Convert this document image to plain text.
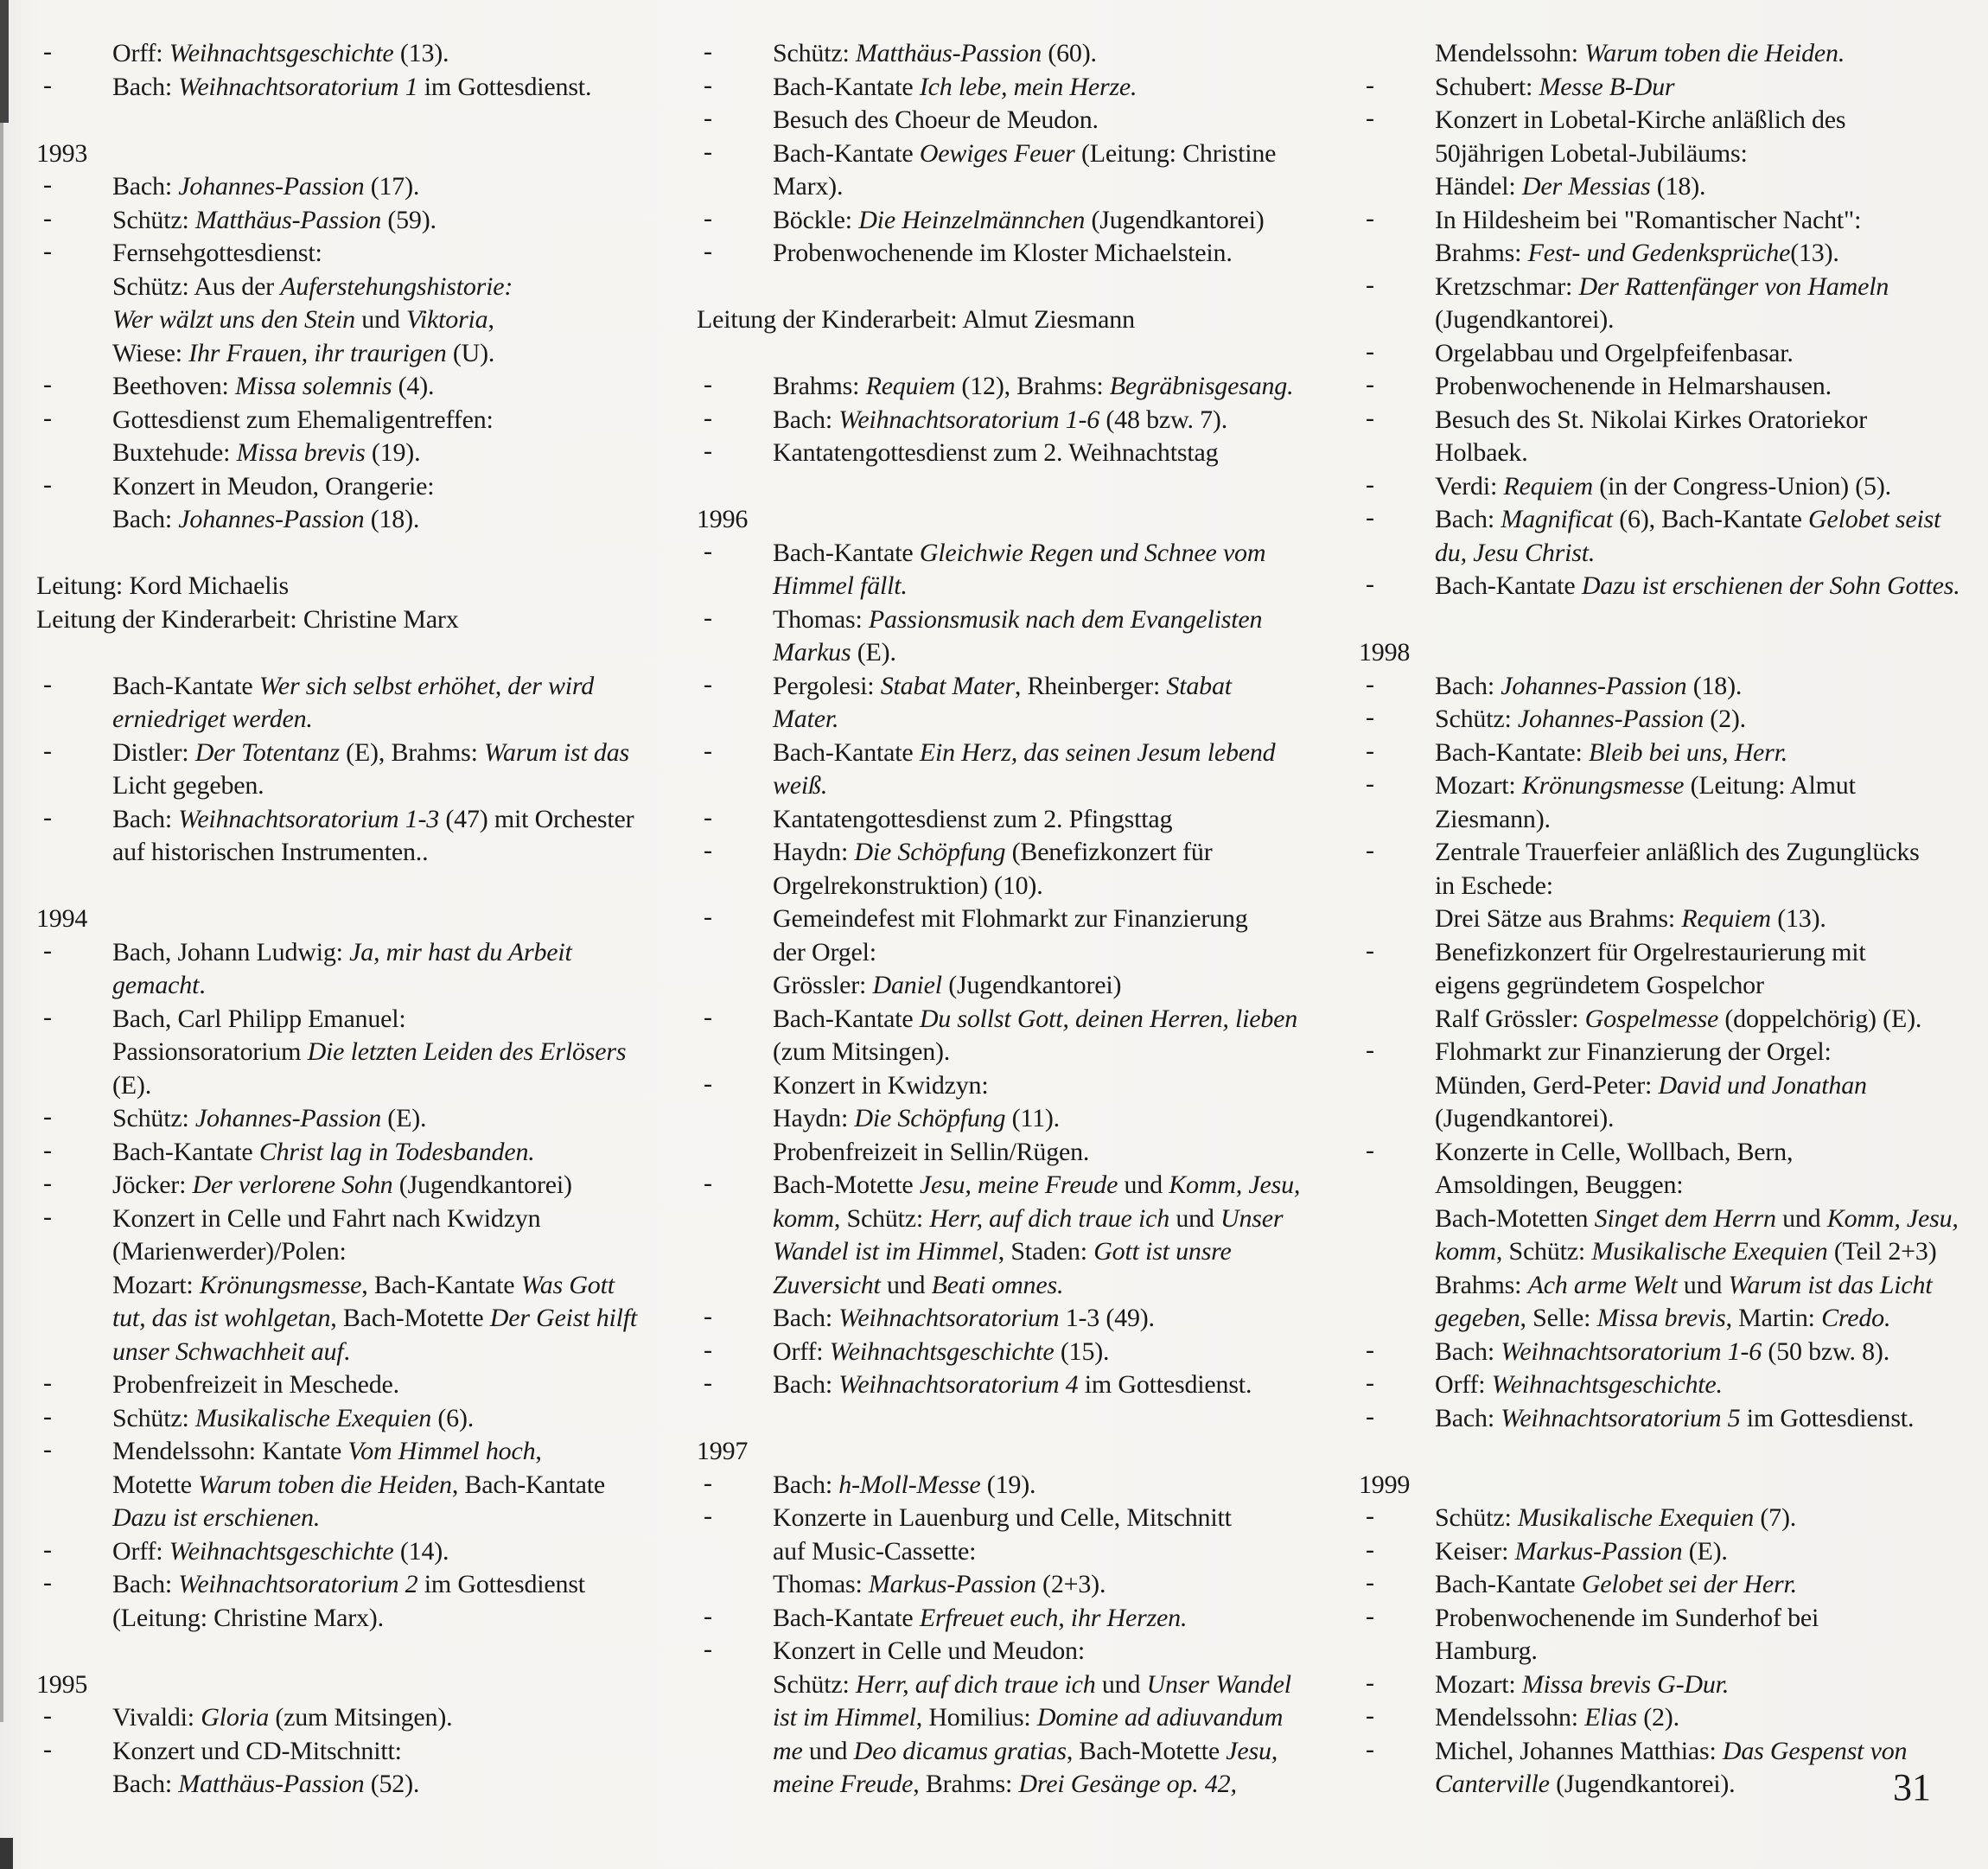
- Orff: Weihnachtsgeschichte (13).
- Bach: Weihnachtsoratorium 1 im Gottesdienst.
1993
- Bach: Johannes-Passion (17).
- Schütz: Matthäus-Passion (59).
- Fernsehgottesdienst:
Schütz: Aus der Auferstehungshistorie:
Wer wälzt uns den Stein und Viktoria,
Wiese: Ihr Frauen, ihr traurigen (U).
- Beethoven: Missa solemnis (4).
- Gottesdienst zum Ehemaligentreffen:
Buxtehude: Missa brevis (19).
- Konzert in Meudon, Orangerie:
Bach: Johannes-Passion (18).
Leitung: Kord Michaelis
Leitung der Kinderarbeit: Christine Marx
- Bach-Kantate Wer sich selbst erhöhet, der wird
erniedriget werden.
- Distler: Der Totentanz (E), Brahms: Warum ist das
Licht gegeben.
- Bach: Weihnachtsoratorium 1-3 (47) mit Orchester
auf historischen Instrumenten..
1994
- Bach, Johann Ludwig: Ja, mir hast du Arbeit
gemacht.
- Bach, Carl Philipp Emanuel:
Passionsoratorium Die letzten Leiden des Erlösers
(E).
- Schütz: Johannes-Passion (E).
- Bach-Kantate Christ lag in Todesbanden.
- Jöcker: Der verlorene Sohn (Jugendkantorei)
- Konzert in Celle und Fahrt nach Kwidzyn
(Marienwerder)/Polen:
Mozart: Krönungsmesse, Bach-Kantate Was Gott
tut, das ist wohlgetan, Bach-Motette Der Geist hilft
unser Schwachheit auf.
- Probenfreizeit in Meschede.
- Schütz: Musikalische Exequien (6).
- Mendelssohn: Kantate Vom Himmel hoch,
Motette Warum toben die Heiden, Bach-Kantate
Dazu ist erschienen.
- Orff: Weihnachtsgeschichte (14).
- Bach: Weihnachtsoratorium 2 im Gottesdienst
(Leitung: Christine Marx).
1995
- Vivaldi: Gloria (zum Mitsingen).
- Konzert und CD-Mitschnitt:
Bach: Matthäus-Passion (52).
- Schütz: Matthäus-Passion (60).
- Bach-Kantate Ich lebe, mein Herze.
- Besuch des Choeur de Meudon.
- Bach-Kantate Oewiges Feuer (Leitung: Christine
Marx).
- Böckle: Die Heinzelmännchen (Jugendkantorei)
- Probenwochenende im Kloster Michaelstein.
Leitung der Kinderarbeit: Almut Ziesmann
- Brahms: Requiem (12), Brahms: Begräbnisgesang.
- Bach: Weihnachtsoratorium 1-6 (48 bzw. 7).
- Kantatengottesdienst zum 2. Weihnachtstag
1996
- Bach-Kantate Gleichwie Regen und Schnee vom
Himmel fällt.
- Thomas: Passionsmusik nach dem Evangelisten
Markus (E).
- Pergolesi: Stabat Mater, Rheinberger: Stabat
Mater.
- Bach-Kantate Ein Herz, das seinen Jesum lebend
weiß.
- Kantatengottesdienst zum 2. Pfingsttag
- Haydn: Die Schöpfung (Benefizkonzert für
Orgelrekonstruktion) (10).
- Gemeindefest mit Flohmarkt zur Finanzierung
der Orgel:
Grössler: Daniel (Jugendkantorei)
- Bach-Kantate Du sollst Gott, deinen Herren, lieben
(zum Mitsingen).
- Konzert in Kwidzyn:
Haydn: Die Schöpfung (11).
Probenfreizeit in Sellin/Rügen.
- Bach-Motette Jesu, meine Freude und Komm, Jesu,
komm, Schütz: Herr, auf dich traue ich und Unser
Wandel ist im Himmel, Staden: Gott ist unsre
Zuversicht und Beati omnes.
- Bach: Weihnachtsoratorium 1-3 (49).
- Orff: Weihnachtsgeschichte (15).
- Bach: Weihnachtsoratorium 4 im Gottesdienst.
1997
- Bach: h-Moll-Messe (19).
- Konzerte in Lauenburg und Celle, Mitschnitt
auf Music-Cassette:
Thomas: Markus-Passion (2+3).
- Bach-Kantate Erfreuet euch, ihr Herzen.
- Konzert in Celle und Meudon:
Schütz: Herr, auf dich traue ich und Unser Wandel
ist im Himmel, Homilius: Domine ad adiuvandum
me und Deo dicamus gratias, Bach-Motette Jesu,
meine Freude, Brahms: Drei Gesänge op. 42,
Mendelssohn: Warum toben die Heiden.
- Schubert: Messe B-Dur
- Konzert in Lobetal-Kirche anläßlich des
50jährigen Lobetal-Jubiläums:
Händel: Der Messias (18).
- In Hildesheim bei "Romantischer Nacht":
Brahms: Fest- und Gedenksprüche(13).
- Kretzschmar: Der Rattenfänger von Hameln
(Jugendkantorei).
- Orgelabbau und Orgelpfeifenbasar.
- Probenwochenende in Helmarshausen.
- Besuch des St. Nikolai Kirkes Oratoriekor
Holbaek.
- Verdi: Requiem (in der Congress-Union) (5).
- Bach: Magnificat (6), Bach-Kantate Gelobet seist
du, Jesu Christ.
- Bach-Kantate Dazu ist erschienen der Sohn Gottes.
1998
- Bach: Johannes-Passion (18).
- Schütz: Johannes-Passion (2).
- Bach-Kantate: Bleib bei uns, Herr.
- Mozart: Krönungsmesse (Leitung: Almut
Ziesmann).
- Zentrale Trauerfeier anläßlich des Zugunglücks
in Eschede:
Drei Sätze aus Brahms: Requiem (13).
- Benefizkonzert für Orgelrestaurierung mit
eigens gegründetem Gospelchor
Ralf Grössler: Gospelmesse (doppelchörig) (E).
- Flohmarkt zur Finanzierung der Orgel:
Münden, Gerd-Peter: David und Jonathan
(Jugendkantorei).
- Konzerte in Celle, Wollbach, Bern,
Amsoldingen, Beuggen:
Bach-Motetten Singet dem Herrn und Komm, Jesu,
komm, Schütz: Musikalische Exequien (Teil 2+3)
Brahms: Ach arme Welt und Warum ist das Licht
gegeben, Selle: Missa brevis, Martin: Credo.
- Bach: Weihnachtsoratorium 1-6 (50 bzw. 8).
- Orff: Weihnachtsgeschichte.
- Bach: Weihnachtsoratorium 5 im Gottesdienst.
1999
- Schütz: Musikalische Exequien (7).
- Keiser: Markus-Passion (E).
- Bach-Kantate Gelobet sei der Herr.
- Probenwochenende im Sunderhof bei
Hamburg.
- Mozart: Missa brevis G-Dur.
- Mendelssohn: Elias (2).
- Michel, Johannes Matthias: Das Gespenst von
Canterville (Jugendkantorei).	31
